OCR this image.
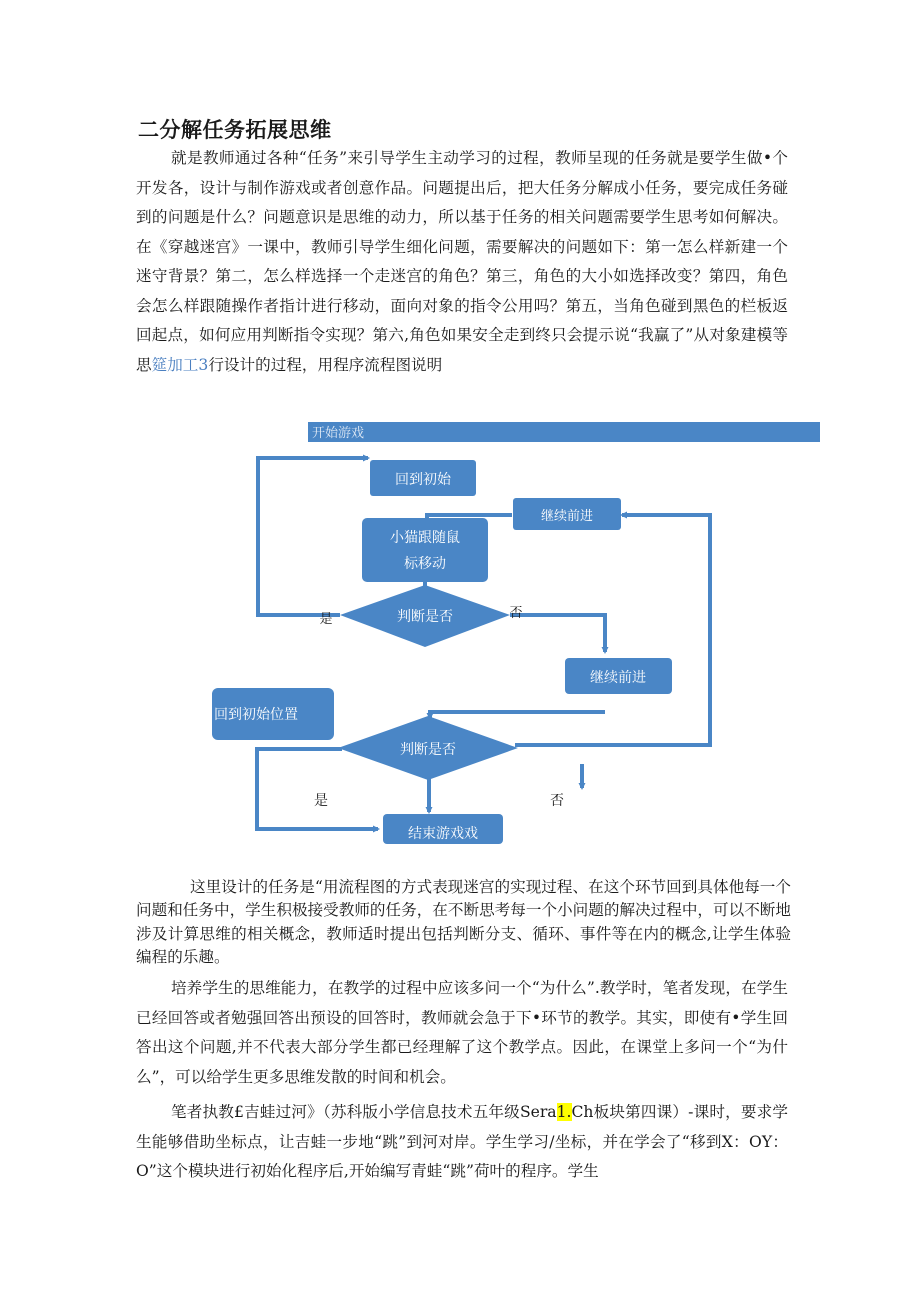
二分解任务拓展思维

就是教师通过各种“任务”来引导学生主动学习的过程，教师呈现的任务就是要学生做•个开发各，设计与制作游戏或者创意作品。问题提出后，把大任务分解成小任务，要完成任务碰到的问题是什么？问题意识是思维的动力，所以基于任务的相关问题需要学生思考如何解决。在《穿越迷宫》一课中，教师引导学生细化问题，需要解决的问题如下：第一怎么样新建一个迷守背景？第二，怎么样选择一个走迷宫的角色？第三，角色的大小如选择改变？第四，角色会怎么样跟随操作者指计进行移动，面向对象的指令公用吗？第五，当角色碰到黑色的栏板返回起点，如何应用判断指令实现？第六,角色如果安全走到终只会提示说“我赢了”从对象建模等思筵加工3行设计的过程，用程序流程图说明

开始游戏
回到初始
继续前进
小猫跟随鼠
标移动
判断是否
是	否
继续前进
回到初始位置
判断是否
是	否
结束游戏戏

这里设计的任务是“用流程图的方式表现迷宫的实现过程、在这个环节回到具体他每一个问题和任务中，学生积极接受教师的任务，在不断思考每一个小问题的解决过程中，可以不断地涉及计算思维的相关概念，教师适时提出包括判断分支、循环、事件等在内的概念,让学生体验编程的乐趣。

培养学生的思维能力，在教学的过程中应该多问一个“为什么”.教学时，笔者发现，在学生已经回答或者勉强回答出预设的回答时，教师就会急于下•环节的教学。其实，即使有•学生回答出这个问题,并不代表大部分学生都已经理解了这个教学点。因此，在课堂上多问一个“为什么”，可以给学生更多思维发散的时间和机会。

笔者执教£吉蛙过河》（苏科版小学信息技术五年级Sera1.Ch板块第四课）-课时，要求学生能够借助坐标点，让吉蛙一步地“跳”到河对岸。学生学习/坐标，并在学会了“移到X：OY：O”这个模块进行初始化程序后,开始编写青蛙“跳”荷叶的程序。学生
